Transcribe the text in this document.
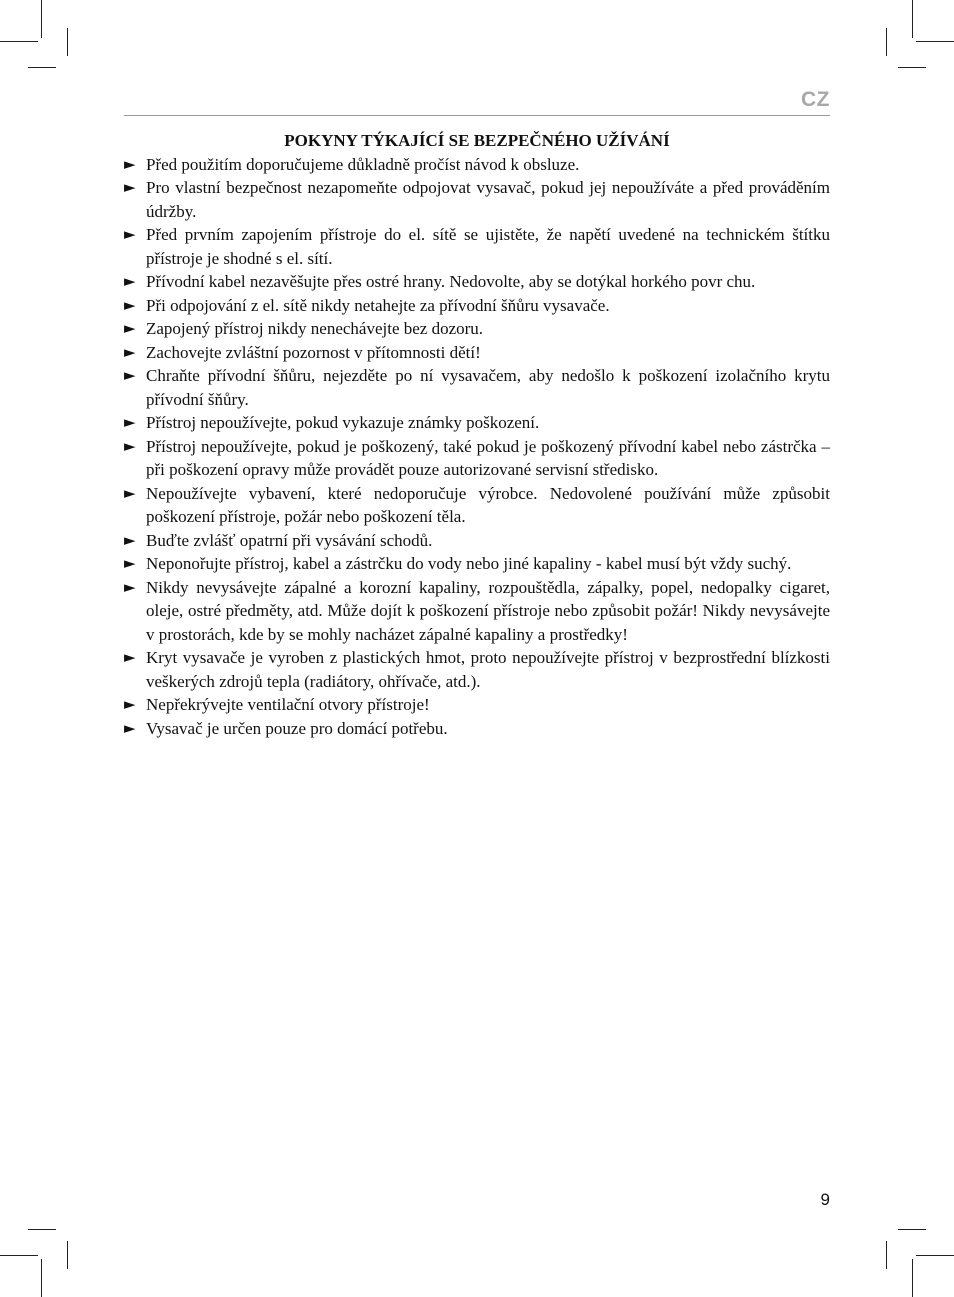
CZ
POKYNY TÝKAJÍCÍ SE BEZPEČNÉHO UŽÍVÁNÍ
► Před použitím doporučujeme důkladně pročíst návod k obsluze.
► Pro vlastní bezpečnost nezapomeňte odpojovat vysavač, pokud jej nepoužíváte a před prováděním údržby.
► Před prvním zapojením přístroje do el. sítě se ujistěte, že napětí uvedené na technickém štítku přístroje je shodné s el. sítí.
► Přívodní kabel nezavěšujte přes ostré hrany. Nedovolte, aby se dotýkal horkého povr chu.
► Při odpojování z el. sítě nikdy netahejte za přívodní šňůru vysavače.
► Zapojený přístroj nikdy nenechávejte bez dozoru.
► Zachovejte zvláštní pozornost v přítomnosti dětí!
► Chraňte přívodní šňůru, nejezděte po ní vysavačem, aby nedošlo k poškození izolačního krytu přívodní šňůry.
► Přístroj nepoužívejte, pokud vykazuje známky poškození.
► Přístroj nepoužívejte, pokud je poškozený, také pokud je poškozený přívodní kabel nebo zástrčka – při poškození opravy může provádět pouze autorizované servisní středisko.
► Nepoužívejte vybavení, které nedoporučuje výrobce. Nedovolené používání může způsobit poškození přístroje, požár nebo poškození těla.
► Buďte zvlášť opatrní při vysávání schodů.
► Neponořujte přístroj, kabel a zástrčku do vody nebo jiné kapaliny - kabel musí být vždy suchý.
► Nikdy nevysávejte zápalné a korozní kapaliny, rozpouštědla, zápalky, popel, nedopalky cigaret, oleje, ostré předměty, atd. Může dojít k poškození přístroje nebo způsobit požár! Nikdy nevysávejte v prostorách, kde by se mohly nacházet zápalné kapaliny a prostředky!
► Kryt vysavače je vyroben z plastických hmot, proto nepoužívejte přístroj v bezprostřední blízkosti veškerých zdrojů tepla (radiátory, ohřívače, atd.).
► Nepřekrývejte ventilační otvory přístroje!
► Vysavač je určen pouze pro domácí potřebu.
9
